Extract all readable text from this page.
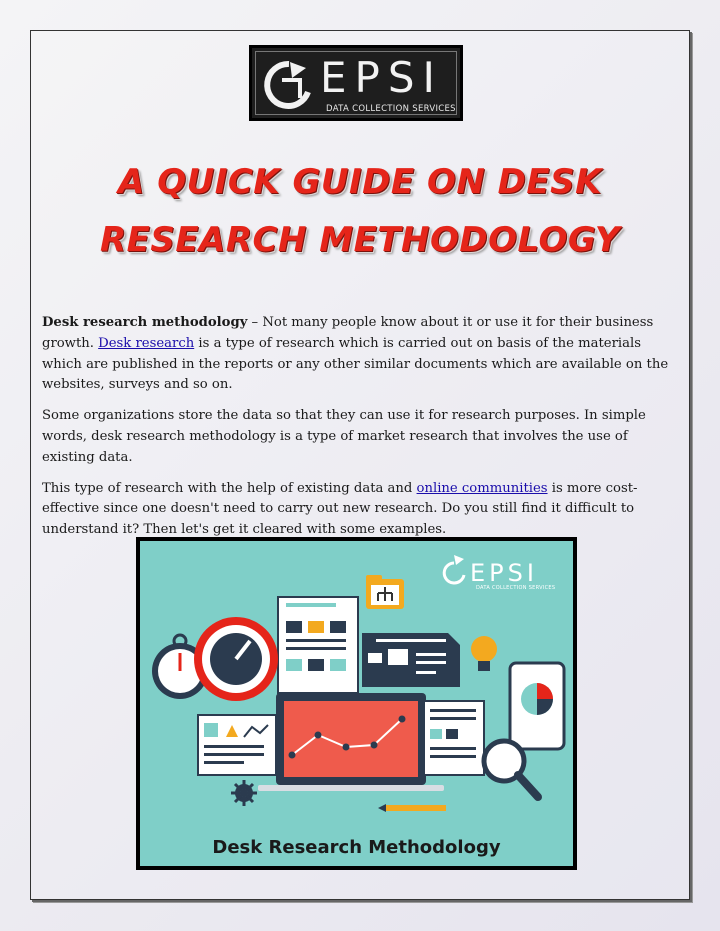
EPSI
DATA COLLECTION SERVICES
A QUICK GUIDE ON DESK
RESEARCH METHODOLOGY

Desk research methodology – Not many people know about it or use it for their business growth. Desk research is a type of research which is carried out on basis of the materials which are published in the reports or any other similar documents which are available on the websites, surveys and so on.

Some organizations store the data so that they can use it for research purposes. In simple words, desk research methodology is a type of market research that involves the use of existing data.

This type of research with the help of existing data and online communities is more cost-effective since one doesn't need to carry out new research. Do you still find it difficult to understand it? Then let's get it cleared with some examples.

EPSI
DATA COLLECTION SERVICES
Desk Research Methodology
